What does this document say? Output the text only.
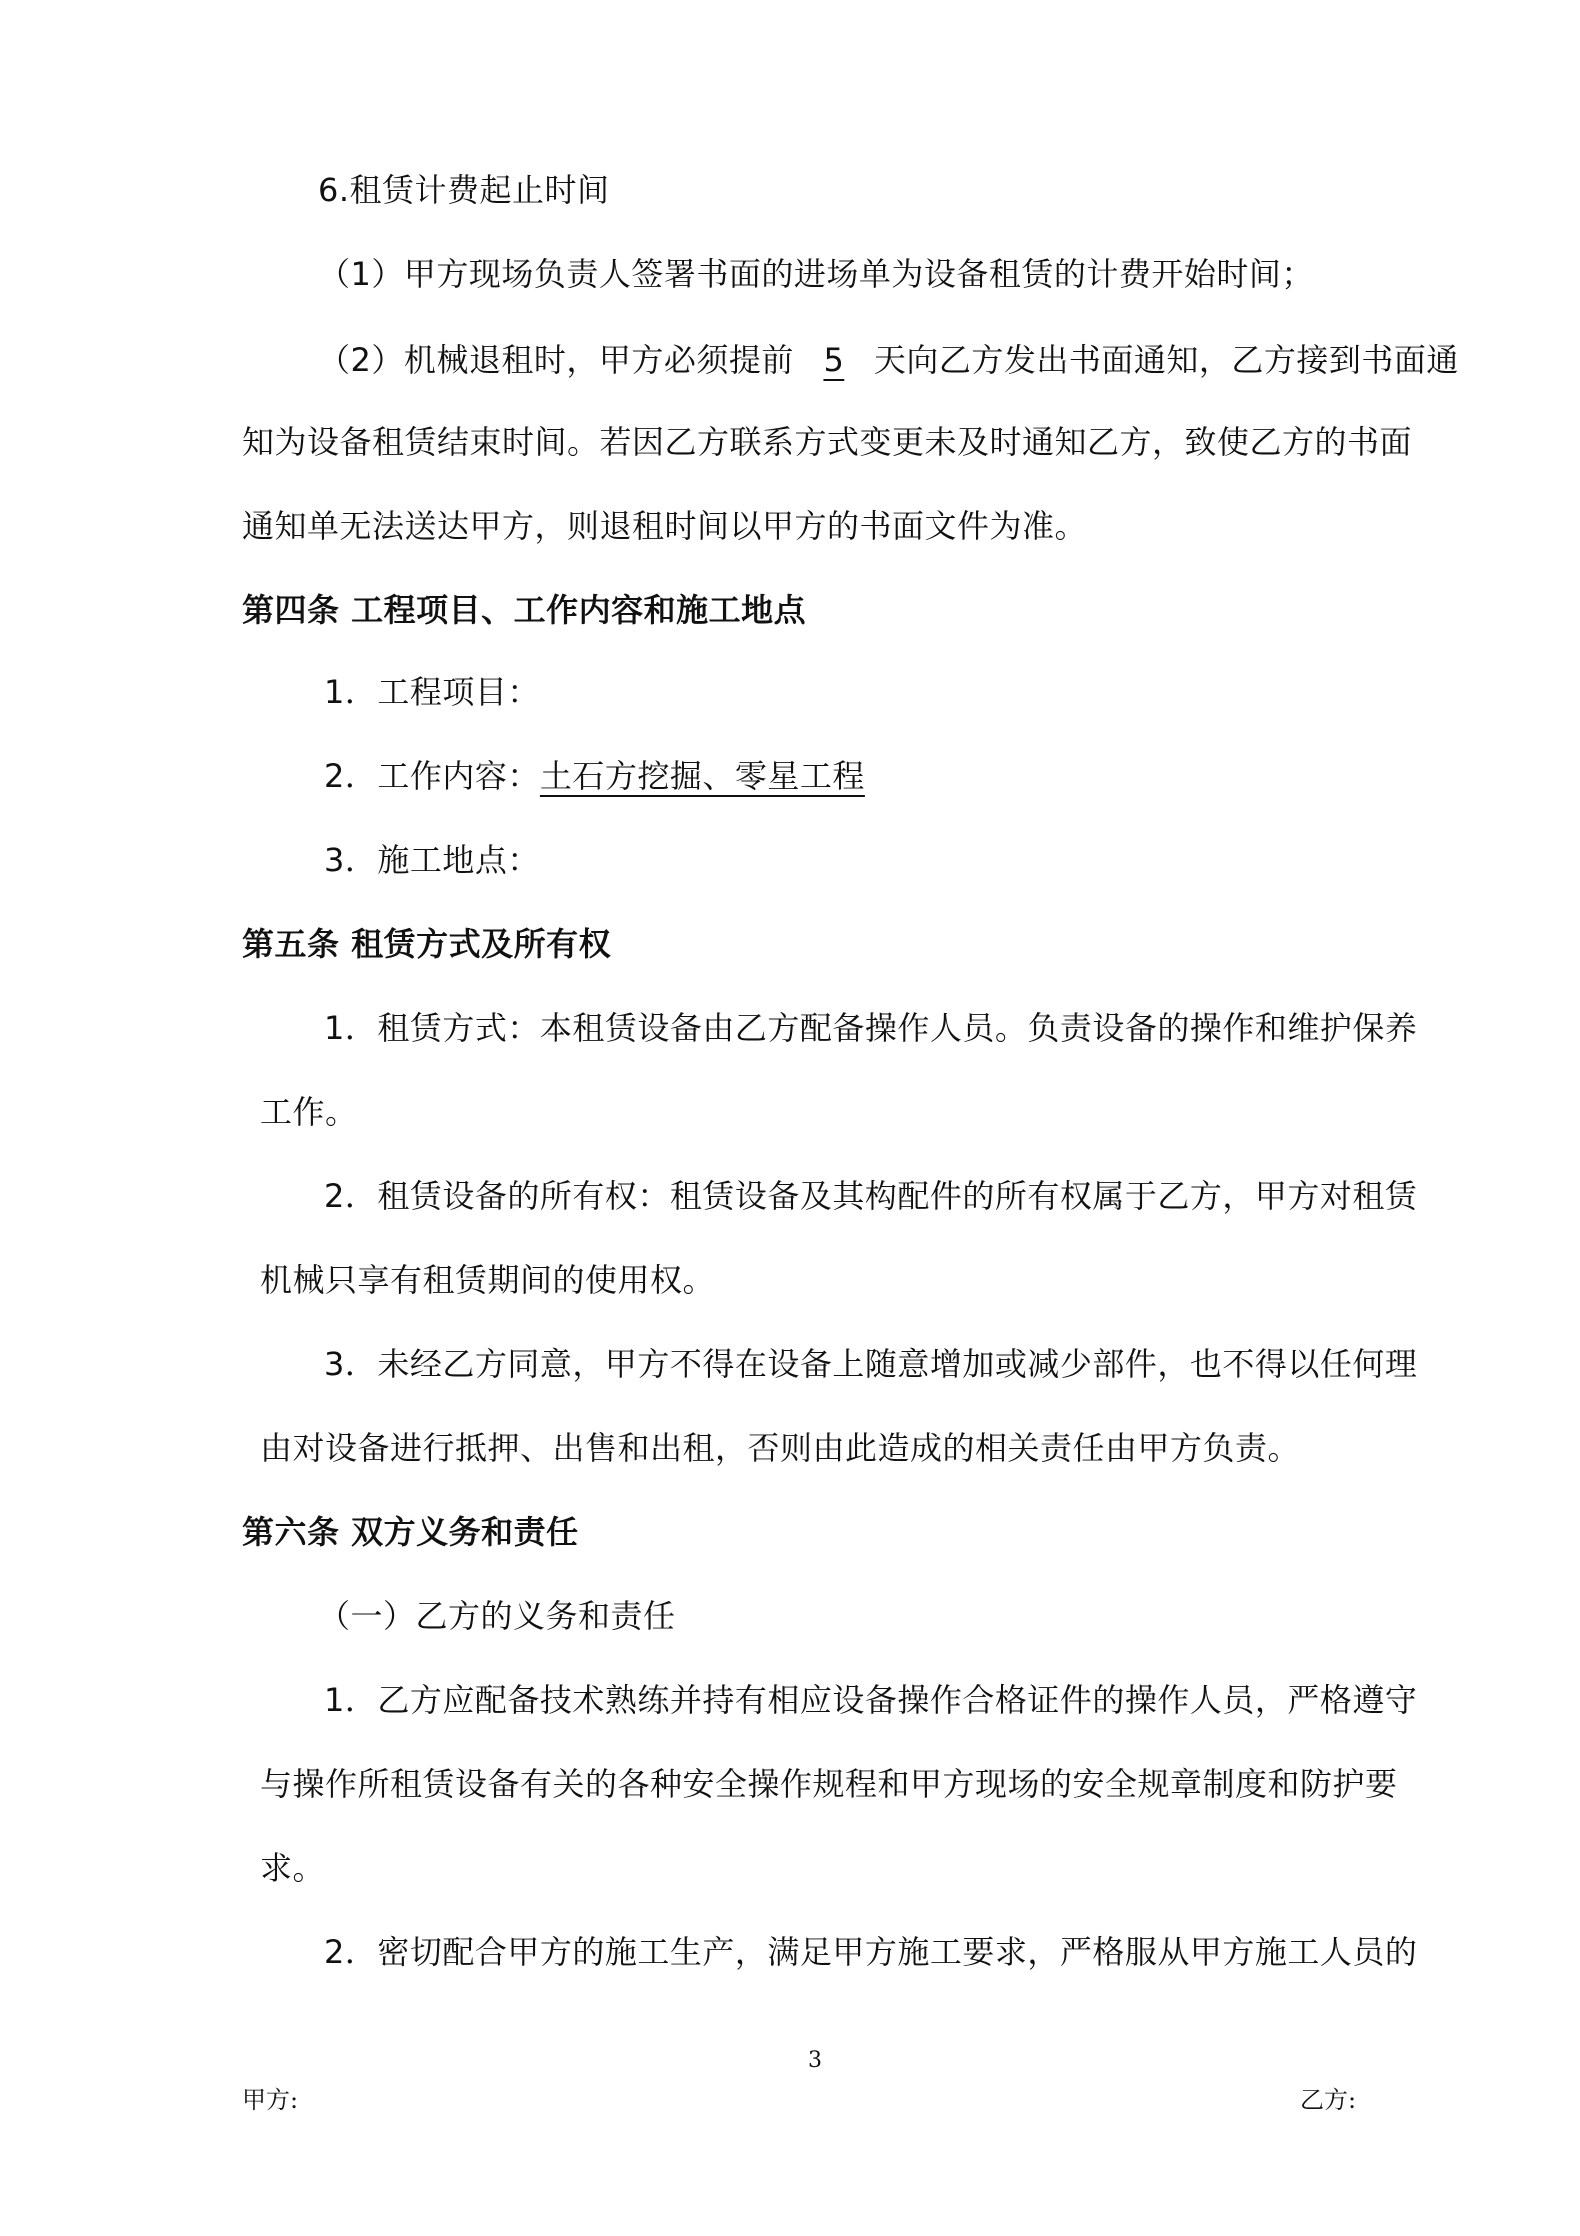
6.租赁计费起止时间
（1）甲方现场负责人签署书面的进场单为设备租赁的计费开始时间；
（2）机械退租时，甲方必须提前 5 天向乙方发出书面通知，乙方接到书面通
知为设备租赁结束时间。若因乙方联系方式变更未及时通知乙方，致使乙方的书面
通知单无法送达甲方，则退租时间以甲方的书面文件为准。
第四条 工程项目、工作内容和施工地点
1．工程项目：
2．工作内容：土石方挖掘、零星工程
3．施工地点：
第五条 租赁方式及所有权
1．租赁方式：本租赁设备由乙方配备操作人员。负责设备的操作和维护保养
工作。
2．租赁设备的所有权：租赁设备及其构配件的所有权属于乙方，甲方对租赁
机械只享有租赁期间的使用权。
3．未经乙方同意，甲方不得在设备上随意增加或减少部件，也不得以任何理
由对设备进行抵押、出售和出租，否则由此造成的相关责任由甲方负责。
第六条 双方义务和责任
（一）乙方的义务和责任
1．乙方应配备技术熟练并持有相应设备操作合格证件的操作人员，严格遵守
与操作所租赁设备有关的各种安全操作规程和甲方现场的安全规章制度和防护要
求。
2．密切配合甲方的施工生产，满足甲方施工要求，严格服从甲方施工人员的
3
甲方:	乙方:
